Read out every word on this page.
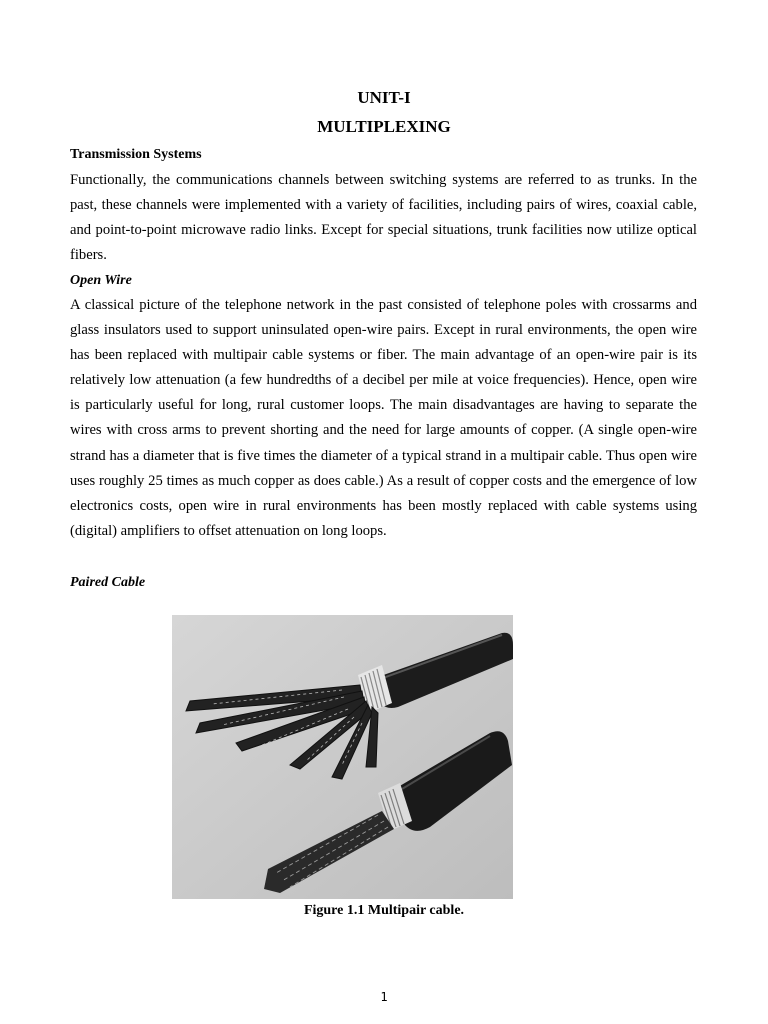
UNIT-I
MULTIPLEXING
Transmission Systems

Functionally, the communications channels between switching systems are referred to as trunks. In the past, these channels were implemented with a variety of facilities, including pairs of wires, coaxial cable, and point-to-point microwave radio links. Except for special situations, trunk facilities now utilize optical fibers.

Open Wire

A classical picture of the telephone network in the past consisted of telephone poles with crossarms and glass insulators used to support uninsulated open-wire pairs. Except in rural environments, the open wire has been replaced with multipair cable systems or fiber. The main advantage of an open-wire pair is its relatively low attenuation (a few hundredths of a decibel per mile at voice frequencies). Hence, open wire is particularly useful for long, rural customer loops. The main disadvantages are having to separate the wires with cross arms to prevent shorting and the need for large amounts of copper. (A single open-wire strand has a diameter that is five times the diameter of a typical strand in a multipair cable. Thus open wire uses roughly 25 times as much copper as does cable.) As a result of copper costs and the emergence of low electronics costs, open wire in rural environments has been mostly replaced with cable systems using (digital) amplifiers to offset attenuation on long loops.

Paired Cable

Figure 1.1 Multipair cable.

1
